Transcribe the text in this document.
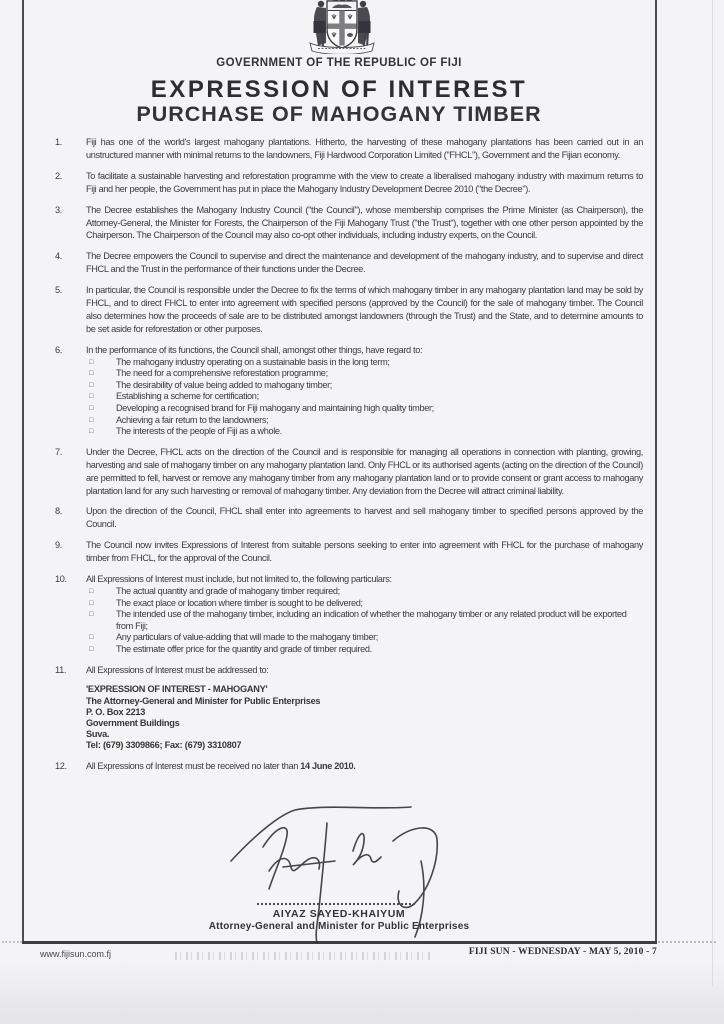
GOVERNMENT OF THE REPUBLIC OF FIJI
EXPRESSION OF INTEREST
PURCHASE OF MAHOGANY TIMBER
1.	Fiji has one of the world's largest mahogany plantations. Hitherto, the harvesting of these mahogany plantations has been carried out in an unstructured manner with minimal returns to the landowners, Fiji Hardwood Corporation Limited ("FHCL"), Government and the Fijian economy.
2.	To facilitate a sustainable harvesting and reforestation programme with the view to create a liberalised mahogany industry with maximum returns to Fiji and her people, the Government has put in place the Mahogany Industry Development Decree 2010 ("the Decree").
3.	The Decree establishes the Mahogany Industry Council ("the Council"), whose membership comprises the Prime Minister (as Chairperson), the Attorney-General, the Minister for Forests, the Chairperson of the Fiji Mahogany Trust ("the Trust"), together with one other person appointed by the Chairperson. The Chairperson of the Council may also co-opt other individuals, including industry experts, on the Council.
4.	The Decree empowers the Council to supervise and direct the maintenance and development of the mahogany industry, and to supervise and direct FHCL and the Trust in the performance of their functions under the Decree.
5.	In particular, the Council is responsible under the Decree to fix the terms of which mahogany timber in any mahogany plantation land may be sold by FHCL, and to direct FHCL to enter into agreement with specified persons (approved by the Council) for the sale of mahogany timber. The Council also determines how the proceeds of sale are to be distributed amongst landowners (through the Trust) and the State, and to determine amounts to be set aside for reforestation or other purposes.
6.	In the performance of its functions, the Council shall, amongst other things, have regard to:
□	The mahogany industry operating on a sustainable basis in the long term;
□	The need for a comprehensive reforestation programme;
□	The desirability of value being added to mahogany timber;
□	Establishing a scheme for certification;
□	Developing a recognised brand for Fiji mahogany and maintaining high quality timber;
□	Achieving a fair return to the landowners;
□	The interests of the people of Fiji as a whole.
7.	Under the Decree, FHCL acts on the direction of the Council and is responsible for managing all operations in connection with planting, growing, harvesting and sale of mahogany timber on any mahogany plantation land. Only FHCL or its authorised agents (acting on the direction of the Council) are permitted to fell, harvest or remove any mahogany timber from any mahogany plantation land or to provide consent or grant access to mahogany plantation land for any such harvesting or removal of mahogany timber. Any deviation from the Decree will attract criminal liability.
8.	Upon the direction of the Council, FHCL shall enter into agreements to harvest and sell mahogany timber to specified persons approved by the Council.
9.	The Council now invites Expressions of Interest from suitable persons seeking to enter into agreement with FHCL for the purchase of mahogany timber from FHCL, for the approval of the Council.
10.	All Expressions of Interest must include, but not limited to, the following particulars:
□	The actual quantity and grade of mahogany timber required;
□	The exact place or location where timber is sought to be delivered;
□	The intended use of the mahogany timber, including an indication of whether the mahogany timber or any related product will be exported from Fiji;
□	Any particulars of value-adding that will made to the mahogany timber;
□	The estimate offer price for the quantity and grade of timber required.
11.	All Expressions of Interest must be addressed to:
'EXPRESSION OF INTEREST - MAHOGANY'
The Attorney-General and Minister for Public Enterprises
P. O. Box 2213
Government Buildings
Suva.
Tel: (679) 3309866; Fax: (679) 3310807
12.	All Expressions of Interest must be received no later than 14 June 2010.
AIYAZ SAYED-KHAIYUM
Attorney-General and Minister for Public Enterprises
www.fijisun.com.fj	FIJI SUN - WEDNESDAY - MAY 5, 2010 - 7
